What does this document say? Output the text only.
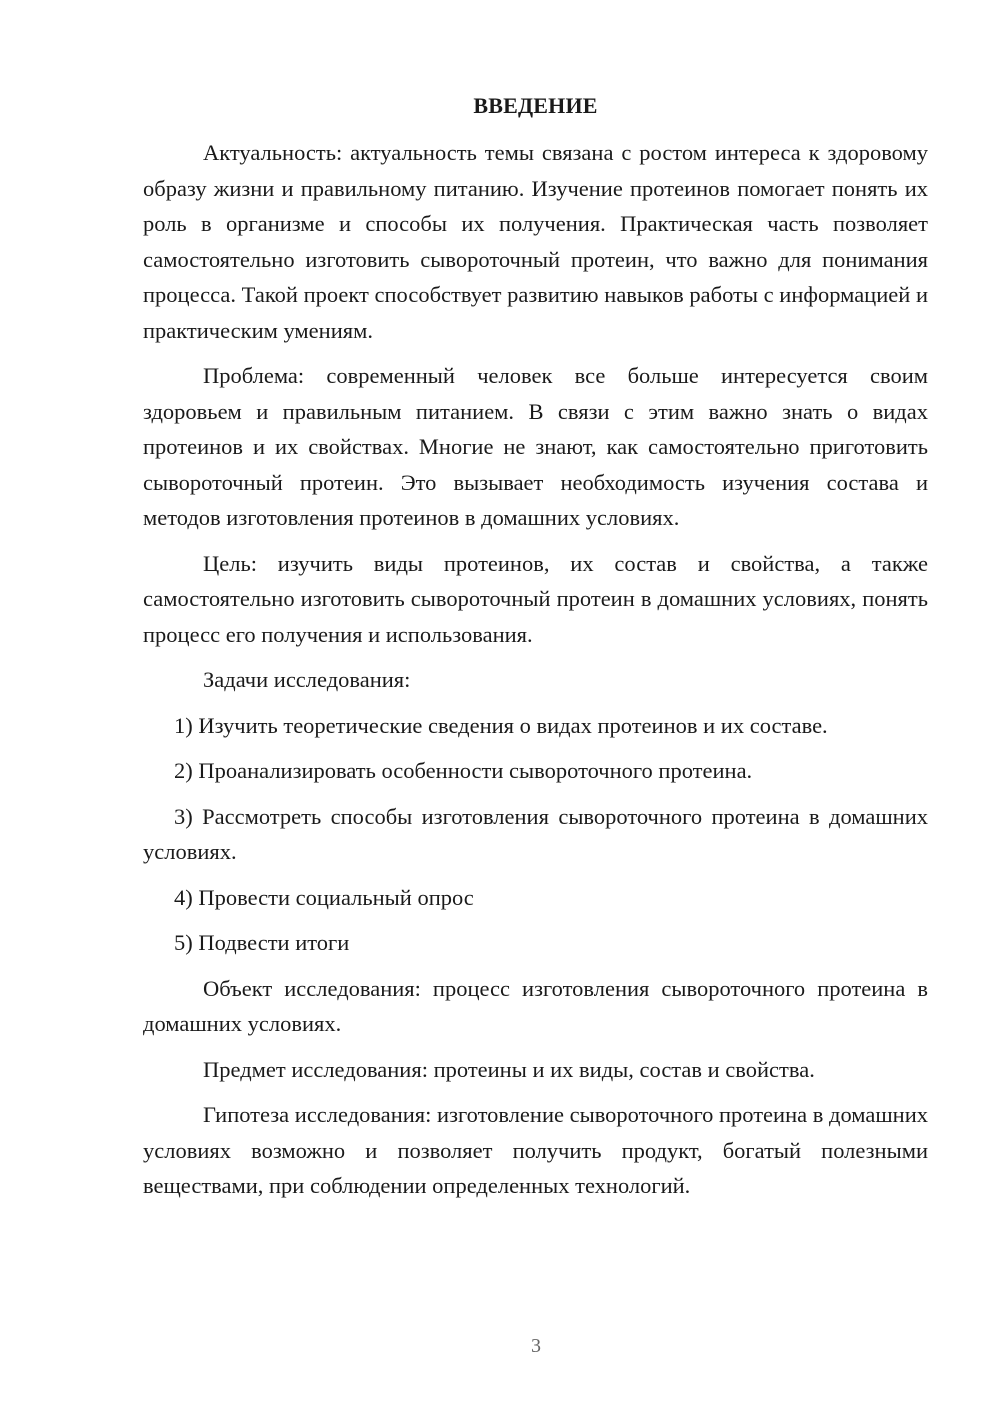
ВВЕДЕНИЕ

Актуальность: актуальность темы связана с ростом интереса к здоровому образу жизни и правильному питанию. Изучение протеинов помогает понять их роль в организме и способы их получения. Практическая часть позволяет самостоятельно изготовить сывороточный протеин, что важно для понимания процесса. Такой проект способствует развитию навыков работы с информацией и практическим умениям.

Проблема: современный человек все больше интересуется своим здоровьем и правильным питанием. В связи с этим важно знать о видах протеинов и их свойствах. Многие не знают, как самостоятельно приготовить сывороточный протеин. Это вызывает необходимость изучения состава и методов изготовления протеинов в домашних условиях.

Цель: изучить виды протеинов, их состав и свойства, а также самостоятельно изготовить сывороточный протеин в домашних условиях, понять процесс его получения и использования.

Задачи исследования:

1) Изучить теоретические сведения о видах протеинов и их составе.

2) Проанализировать особенности сывороточного протеина.

3) Рассмотреть способы изготовления сывороточного протеина в домашних условиях.

4) Провести социальный опрос

5) Подвести итоги

Объект исследования: процесс изготовления сывороточного протеина в домашних условиях.

Предмет исследования: протеины и их виды, состав и свойства.

Гипотеза исследования: изготовление сывороточного протеина в домашних условиях возможно и позволяет получить продукт, богатый полезными веществами, при соблюдении определенных технологий.

3
